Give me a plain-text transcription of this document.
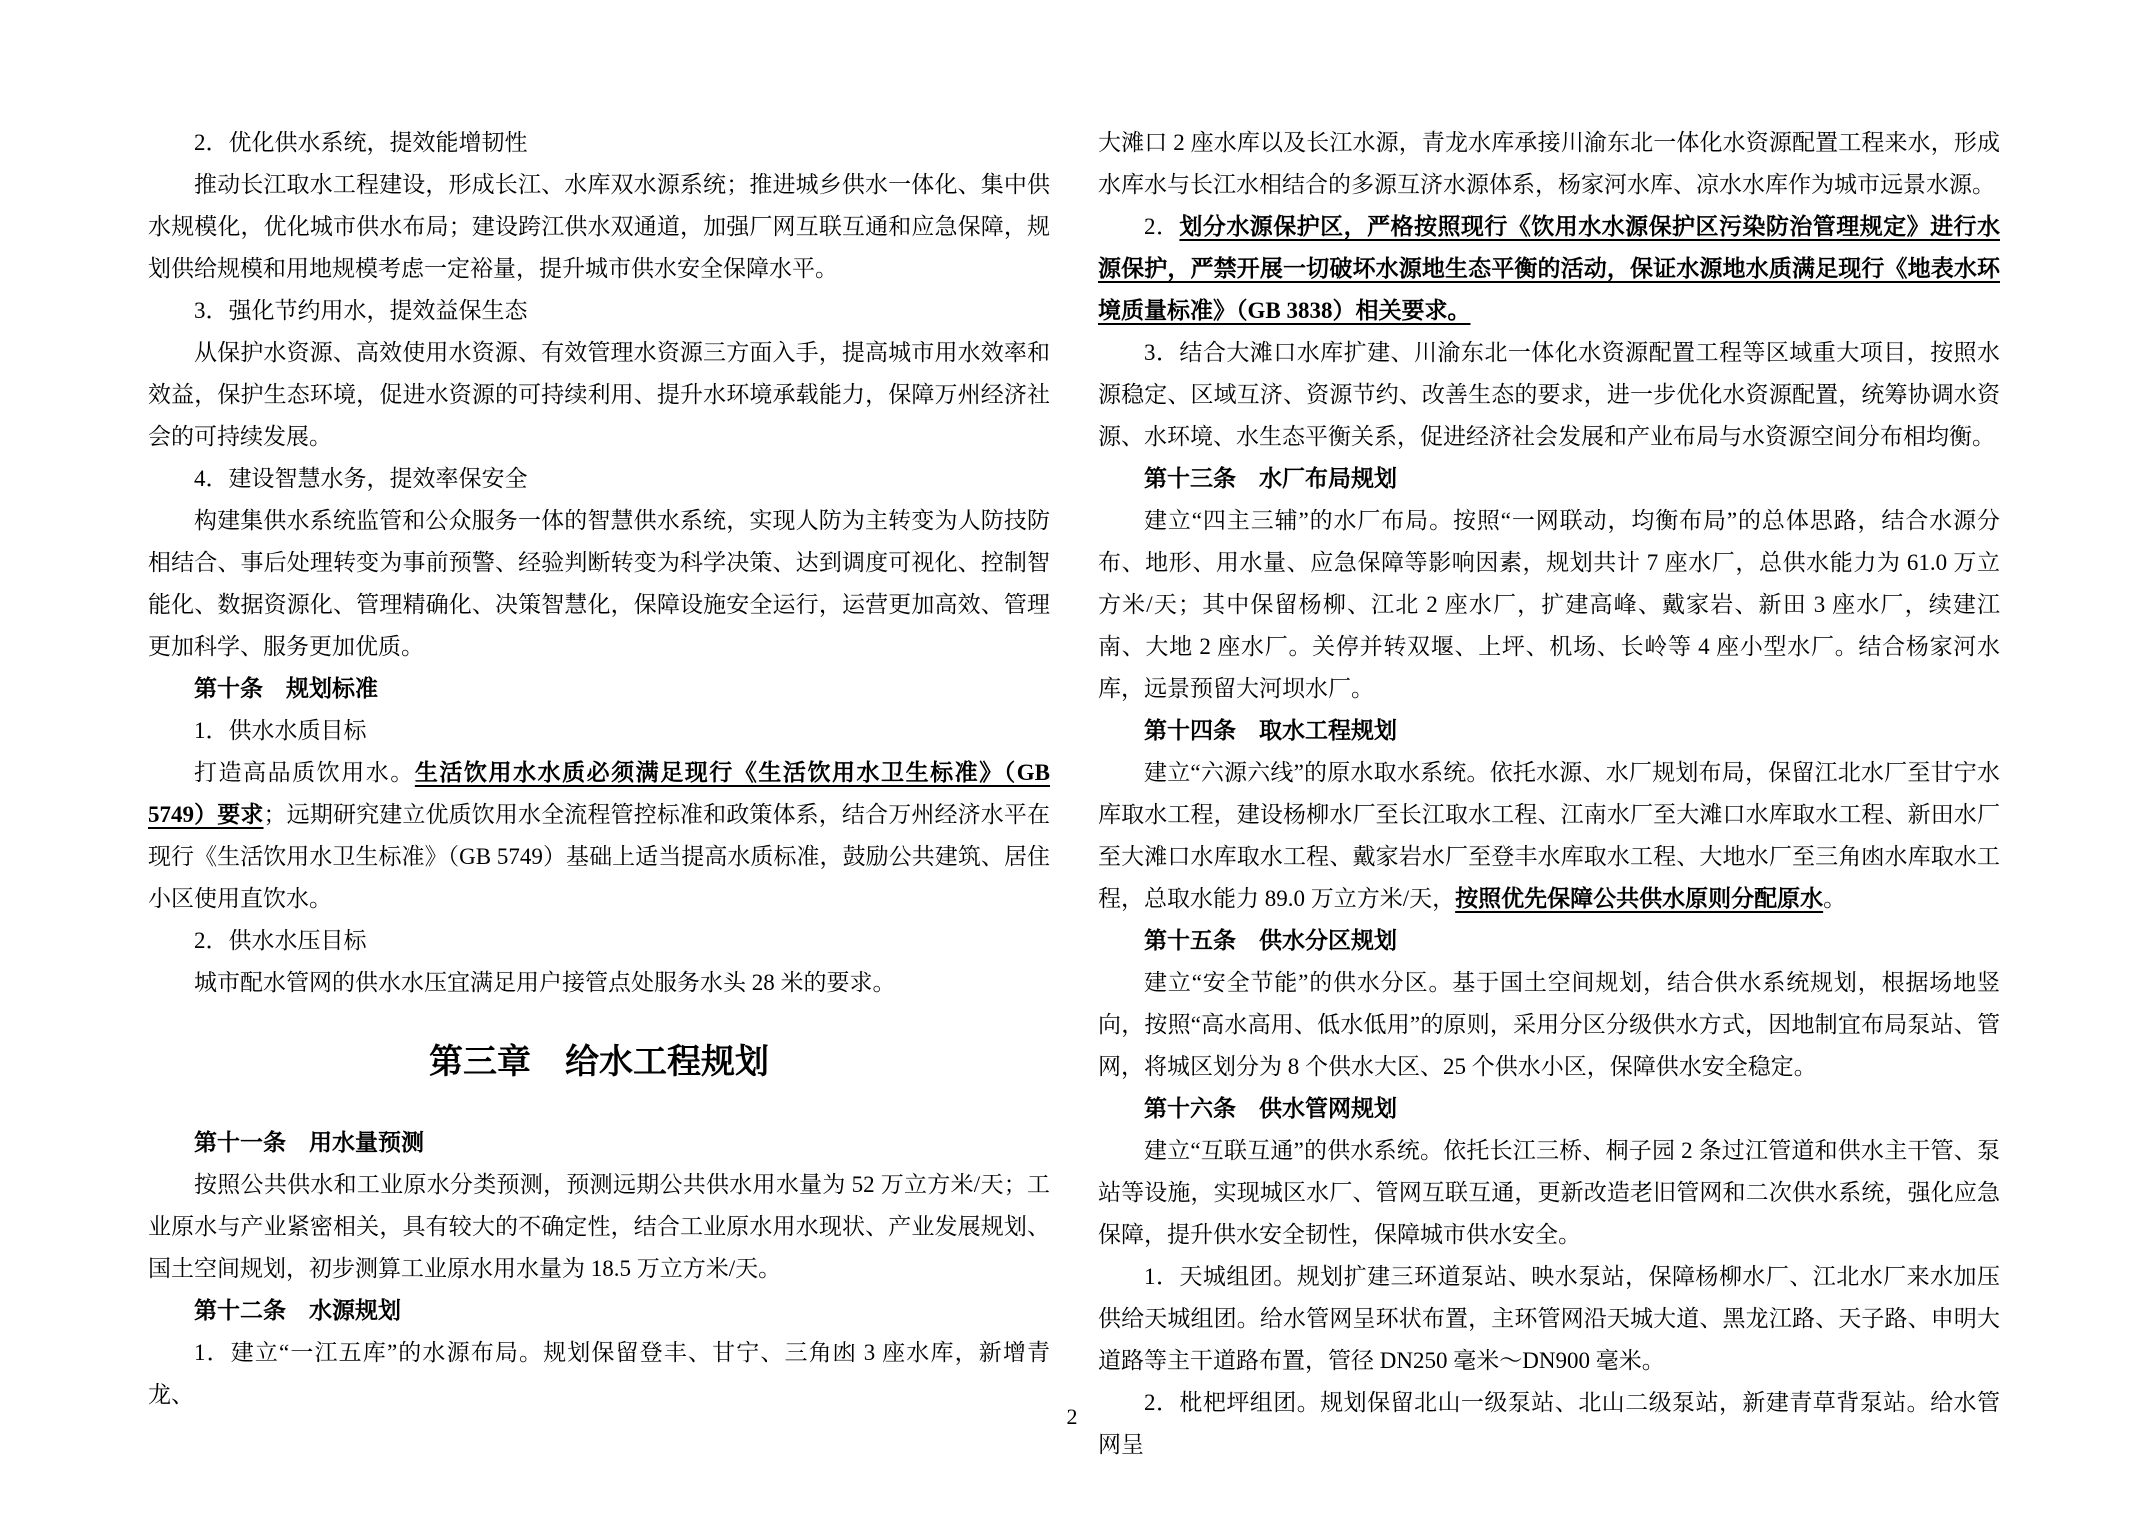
2．优化供水系统，提效能增韧性

推动长江取水工程建设，形成长江、水库双水源系统；推进城乡供水一体化、集中供水规模化，优化城市供水布局；建设跨江供水双通道，加强厂网互联互通和应急保障，规划供给规模和用地规模考虑一定裕量，提升城市供水安全保障水平。

3．强化节约用水，提效益保生态

从保护水资源、高效使用水资源、有效管理水资源三方面入手，提高城市用水效率和效益，保护生态环境，促进水资源的可持续利用、提升水环境承载能力，保障万州经济社会的可持续发展。

4．建设智慧水务，提效率保安全

构建集供水系统监管和公众服务一体的智慧供水系统，实现人防为主转变为人防技防相结合、事后处理转变为事前预警、经验判断转变为科学决策、达到调度可视化、控制智能化、数据资源化、管理精确化、决策智慧化，保障设施安全运行，运营更加高效、管理更加科学、服务更加优质。

第十条　规划标准

1．供水水质目标

打造高品质饮用水。生活饮用水水质必须满足现行《生活饮用水卫生标准》（GB 5749）要求；远期研究建立优质饮用水全流程管控标准和政策体系，结合万州经济水平在现行《生活饮用水卫生标准》（GB 5749）基础上适当提高水质标准，鼓励公共建筑、居住小区使用直饮水。

2．供水水压目标

城市配水管网的供水水压宜满足用户接管点处服务水头 28 米的要求。

第三章　给水工程规划

第十一条　用水量预测

按照公共供水和工业原水分类预测，预测远期公共供水用水量为 52 万立方米/天；工业原水与产业紧密相关，具有较大的不确定性，结合工业原水用水现状、产业发展规划、国土空间规划，初步测算工业原水用水量为 18.5 万立方米/天。

第十二条　水源规划

1．建立“一江五库”的水源布局。规划保留登丰、甘宁、三角凼 3 座水库，新增青龙、

大滩口 2 座水库以及长江水源，青龙水库承接川渝东北一体化水资源配置工程来水，形成水库水与长江水相结合的多源互济水源体系，杨家河水库、凉水水库作为城市远景水源。

2．划分水源保护区，严格按照现行《饮用水水源保护区污染防治管理规定》进行水源保护，严禁开展一切破坏水源地生态平衡的活动，保证水源地水质满足现行《地表水环境质量标准》（GB 3838）相关要求。

3．结合大滩口水库扩建、川渝东北一体化水资源配置工程等区域重大项目，按照水源稳定、区域互济、资源节约、改善生态的要求，进一步优化水资源配置，统筹协调水资源、水环境、水生态平衡关系，促进经济社会发展和产业布局与水资源空间分布相均衡。

第十三条　水厂布局规划

建立“四主三辅”的水厂布局。按照“一网联动，均衡布局”的总体思路，结合水源分布、地形、用水量、应急保障等影响因素，规划共计 7 座水厂，总供水能力为 61.0 万立方米/天；其中保留杨柳、江北 2 座水厂，扩建高峰、戴家岩、新田 3 座水厂，续建江南、大地 2 座水厂。关停并转双堰、上坪、机场、长岭等 4 座小型水厂。结合杨家河水库，远景预留大河坝水厂。

第十四条　取水工程规划

建立“六源六线”的原水取水系统。依托水源、水厂规划布局，保留江北水厂至甘宁水库取水工程，建设杨柳水厂至长江取水工程、江南水厂至大滩口水库取水工程、新田水厂至大滩口水库取水工程、戴家岩水厂至登丰水库取水工程、大地水厂至三角凼水库取水工程，总取水能力 89.0 万立方米/天，按照优先保障公共供水原则分配原水。

第十五条　供水分区规划

建立“安全节能”的供水分区。基于国土空间规划，结合供水系统规划，根据场地竖向，按照“高水高用、低水低用”的原则，采用分区分级供水方式，因地制宜布局泵站、管网，将城区划分为 8 个供水大区、25 个供水小区，保障供水安全稳定。

第十六条　供水管网规划

建立“互联互通”的供水系统。依托长江三桥、桐子园 2 条过江管道和供水主干管、泵站等设施，实现城区水厂、管网互联互通，更新改造老旧管网和二次供水系统，强化应急保障，提升供水安全韧性，保障城市供水安全。

1．天城组团。规划扩建三环道泵站、映水泵站，保障杨柳水厂、江北水厂来水加压供给天城组团。给水管网呈环状布置，主环管网沿天城大道、黑龙江路、天子路、申明大道路等主干道路布置，管径 DN250 毫米～DN900 毫米。

2．枇杷坪组团。规划保留北山一级泵站、北山二级泵站，新建青草背泵站。给水管网呈

2
